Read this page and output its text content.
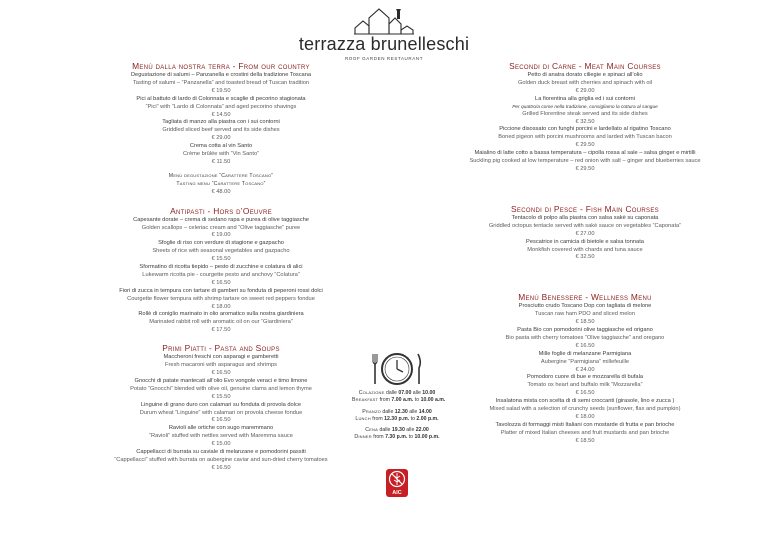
terrazza brunelleschi
ROOF GARDEN RESTAURANT
Menù dalla nostra terra - From our country
Degustazione di salumi – Panzanella e crostini della tradizione Toscana
Tasting of salumi – “Panzanella” and toasted bread of Tuscan tradition
€ 19.50
Pici al battuto di lardo di Colonnata e scaglie di pecorino stagionata
“Pici” with “Lardo di Colonnata” and aged pecorino shavings
€ 14.50
Tagliata di manzo alla piastra con i sui contorni
Griddled sliced beef served and its side dishes
€ 29.00
Crema cotta al vin Santo
Crème brûlée with “Vin Santo”
€ 11.50
Menù degustazione “Carattere Toscano”
Tasting menu “Carattere Toscano”
€ 48.00
Antipasti - Hors d’Oeuvre
Capesante dorate – crema di sedano rapa e purea di olive taggiasche
Golden scallops – celeriac cream and “Olive taggiasche” puree
€ 19.00
Sfoglie di riso con verdure di stagione e gazpacho
Sheets of rice with seasonal vegetables and gazpacho
€ 15.50
Sformatino di ricotta tiepido – pesto di zucchine e colatura di alici
Lukewarm ricotta pie - courgette pesto and anchovy “Colatura”
€ 16.50
Fiori di zucca in tempura con tartare di gamberi su fonduta di peperoni rossi dolci
Courgette flower tempura with shrimp tartare on sweet red peppers fondue
€ 18.00
Rollè di coniglio marinato in olio aromatico sulla nostra giardiniera
Marinated rabbit roll with aromatic oil on our “Giardiniera”
€ 17.50
Primi Piatti - Pasta and Soups
Maccheroni freschi con asparagi e gamberetti
Fresh macaroni with asparagus and shrimps
€ 16.50
Gnocchi di patate mantecati all’olio Evo vongole veraci e timo limone
Potato “Gnocchi” blended with olive oil, genuine clams and lemon thyme
€ 15.50
Linguine di grano duro con calamari su fonduta di provola dolce
Durum wheat “Linguine” with calamari on provola cheese fondue
€ 16.50
Ravioli alle ortiche con sugo maremmano
“Ravioli” stuffed with nettles served with Maremma sauce
€ 15.00
Cappellacci di burrata su caviale di melanzane e pomodorini passiti
“Cappellacci” stuffed with burrata on aubergine caviar and sun-dried cherry tomatoes
€ 16.50
Secondi di Carne - Meat Main Courses
Petto di anatra dorato ciliegie e spinaci all’olio
Golden duck breast with cherries and spinach with oil
€ 29.00
La fiorentina alla griglia ed i sui contorni
Per quattro/a come nella tradizione, consigliamo la cottura al sangue
Grilled Florentine steak served and its side dishes
€ 32.50
Piccione disossato con funghi porcini e lardellato al rigatino Toscano
Boned pigeon with porcini mushrooms and larded with Tuscan bacon
€ 29.50
Maialino di latte cotto a bassa temperatura – cipolla rossa al sale – salsa ginger e mirtilli
Suckling pig cooked at low temperature – red onion with salt – ginger and blueberries sauce
€ 29.50
Secondi di Pesce - Fish Main Courses
Tentacolo di polpo alla piastra con salsa sakè su caponata
Griddled octopus tentacle served with sakè sauce on vegetables “Caponata”
€ 27.00
Pescatrice in camicia di bietole e salsa tonnata
Monkfish covered with chards and tuna sauce
€ 32.50
Menù Benessere - Wellness Menu
Prosciutto crudo Toscano Dop con tagliata di melone
Tuscan raw ham PDO and sliced melon
€ 18.50
Pasta Bio con pomodorini olive taggiasche ed origano
Bio pasta with cherry tomatoes “Olive taggiasche” and oregano
€ 16.50
Mille foglie di melanzane Parmigiana
Aubergine “Parmigiana” millefeuille
€ 24.00
Pomodoro cuore di bue e mozzarella di bufala
Tomato ox heart and buffalo milk “Mozzarella”
€ 16.50
Insalatona mista con scelta di di semi croccanti (girasole, lino e zucca )
Mixed salad with a selection of crunchy seeds (sunflower, flax and pumpkin)
€ 18.00
Tavolozza di formaggi misti Italiani con mostarde di frutta e pan brioche
Platter of mixed Italian cheeses and fruit mustards and pan brioche
€ 18.50
Colazione dalle 07.00 alle 10.00
Breakfast from 7.00 a.m. to 10.00 a.m.
Pranzo dalle 12.30 alle 14.00
Lunch from 12.30 p.m. to 2.00 p.m.
Cena dalle 19.30 alle 22.00
Dinner from 7.30 p.m. to 10.00 p.m.
AIC
